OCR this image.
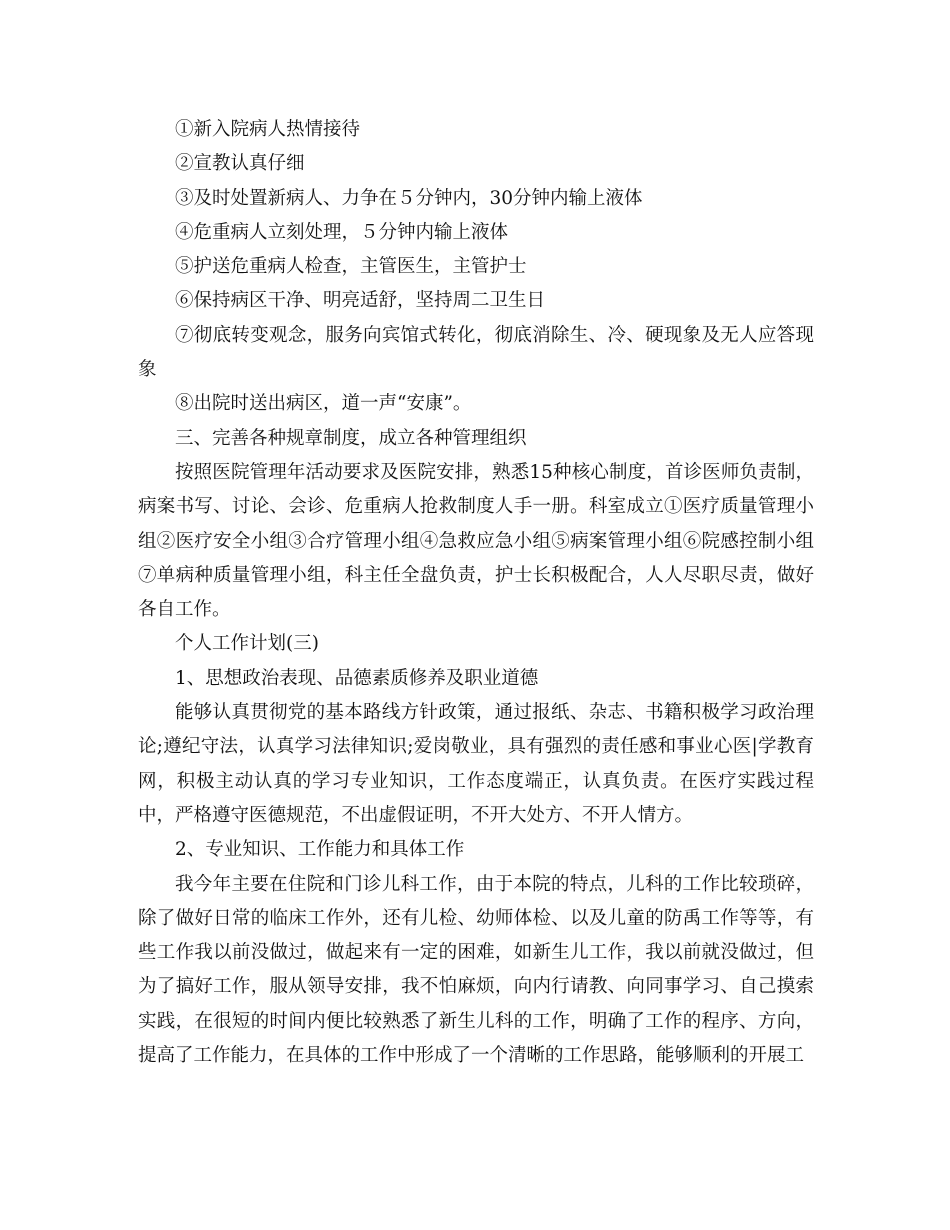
①新入院病人热情接待

②宣教认真仔细

③及时处置新病人、力争在５分钟内，30分钟内输上液体

④危重病人立刻处理，５分钟内输上液体

⑤护送危重病人检查，主管医生，主管护士

⑥保持病区干净、明亮适舒，坚持周二卫生日

⑦彻底转变观念，服务向宾馆式转化，彻底消除生、冷、硬现象及无人应答现象

⑧出院时送出病区，道一声“安康”。

三、完善各种规章制度，成立各种管理组织

按照医院管理年活动要求及医院安排，熟悉15种核心制度，首诊医师负责制，病案书写、讨论、会诊、危重病人抢救制度人手一册。科室成立①医疗质量管理小组②医疗安全小组③合疗管理小组④急救应急小组⑤病案管理小组⑥院感控制小组⑦单病种质量管理小组，科主任全盘负责，护士长积极配合，人人尽职尽责，做好各自工作。

个人工作计划(三)

1、思想政治表现、品德素质修养及职业道德

能够认真贯彻党的基本路线方针政策，通过报纸、杂志、书籍积极学习政治理论;遵纪守法，认真学习法律知识;爱岗敬业，具有强烈的责任感和事业心医|学教育网，积极主动认真的学习专业知识，工作态度端正，认真负责。在医疗实践过程中，严格遵守医德规范，不出虚假证明，不开大处方、不开人情方。

2、专业知识、工作能力和具体工作

我今年主要在住院和门诊儿科工作，由于本院的特点，儿科的工作比较琐碎，除了做好日常的临床工作外，还有儿检、幼师体检、以及儿童的防禹工作等等，有些工作我以前没做过，做起来有一定的困难，如新生儿工作，我以前就没做过，但为了搞好工作，服从领导安排，我不怕麻烦，向内行请教、向同事学习、自己摸索实践，在很短的时间内便比较熟悉了新生儿科的工作，明确了工作的程序、方向，提高了工作能力，在具体的工作中形成了一个清晰的工作思路，能够顺利的开展工
